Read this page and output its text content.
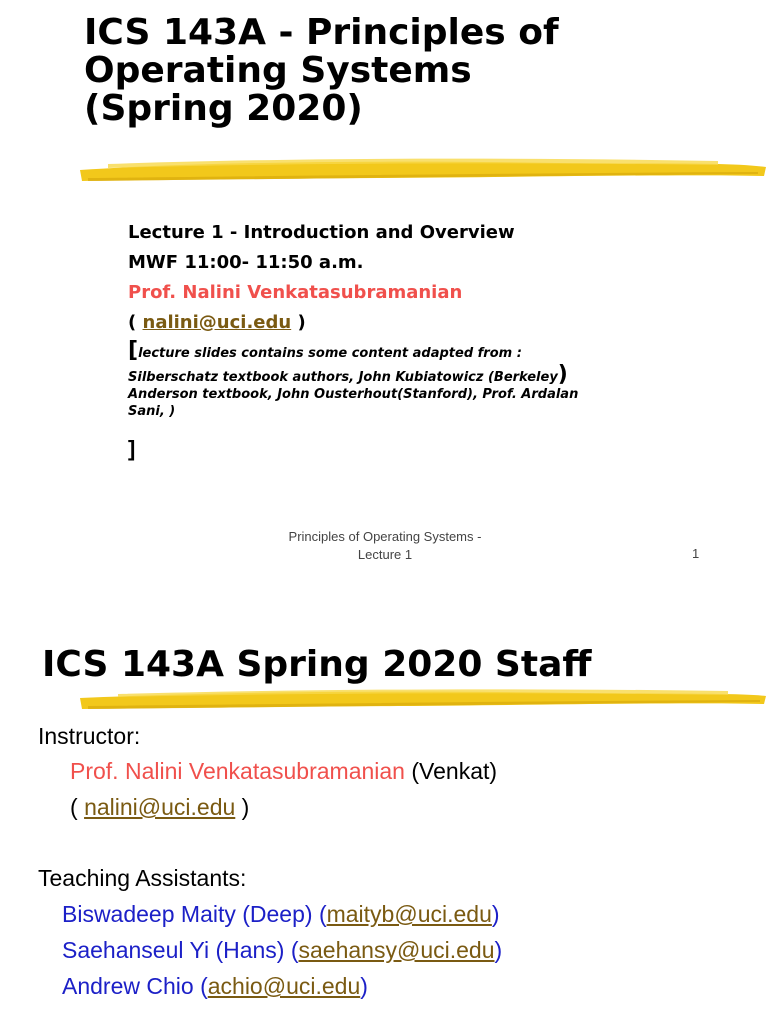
ICS 143A - Principles of
Operating Systems
(Spring 2020)
Lecture 1 - Introduction and Overview
MWF 11:00- 11:50 a.m.
Prof. Nalini Venkatasubramanian
( nalini@uci.edu )
[lecture slides contains some content adapted from :
Silberschatz textbook authors, John Kubiatowicz (Berkeley)
Anderson textbook, John Ousterhout(Stanford), Prof. Ardalan
Sani, )
]
Principles of Operating Systems -
Lecture 1	1
ICS 143A Spring 2020 Staff
Instructor:
Prof. Nalini Venkatasubramanian (Venkat)
( nalini@uci.edu )
Teaching Assistants:
Biswadeep Maity (Deep) (maityb@uci.edu)
Saehanseul Yi (Hans) (saehansy@uci.edu)
Andrew Chio (achio@uci.edu)
